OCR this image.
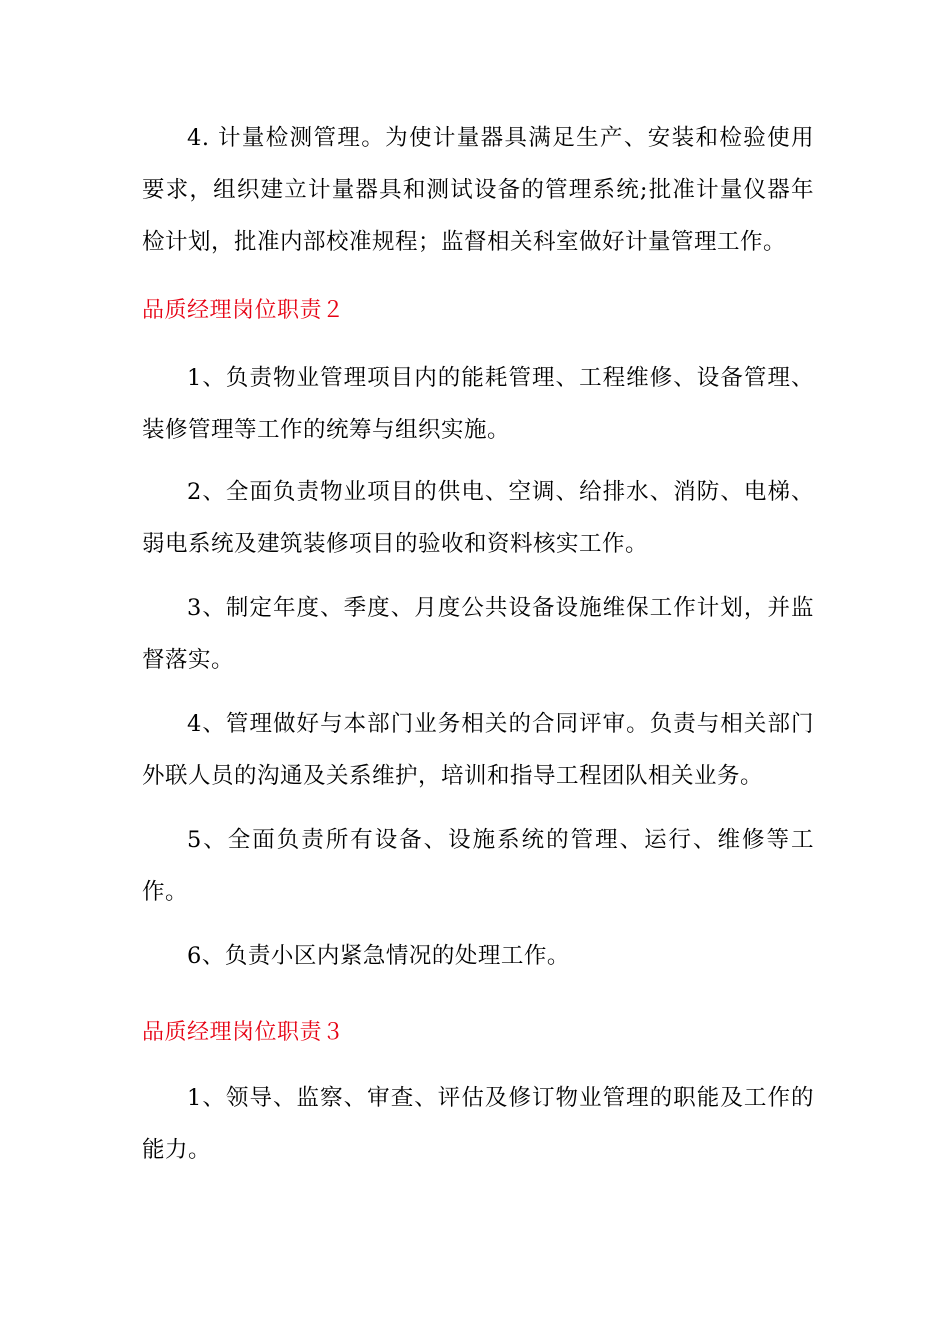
4. 计量检测管理。为使计量器具满足生产、安装和检验使用要求，组织建立计量器具和测试设备的管理系统;批准计量仪器年检计划，批准内部校准规程；监督相关科室做好计量管理工作。

品质经理岗位职责２

1、负责物业管理项目内的能耗管理、工程维修、设备管理、装修管理等工作的统筹与组织实施。

2、全面负责物业项目的供电、空调、给排水、消防、电梯、弱电系统及建筑装修项目的验收和资料核实工作。

3、制定年度、季度、月度公共设备设施维保工作计划，并监督落实。

4、管理做好与本部门业务相关的合同评审。负责与相关部门外联人员的沟通及关系维护，培训和指导工程团队相关业务。

5、全面负责所有设备、设施系统的管理、运行、维修等工作。

6、负责小区内紧急情况的处理工作。

品质经理岗位职责３

1、领导、监察、审查、评估及修订物业管理的职能及工作的能力。
